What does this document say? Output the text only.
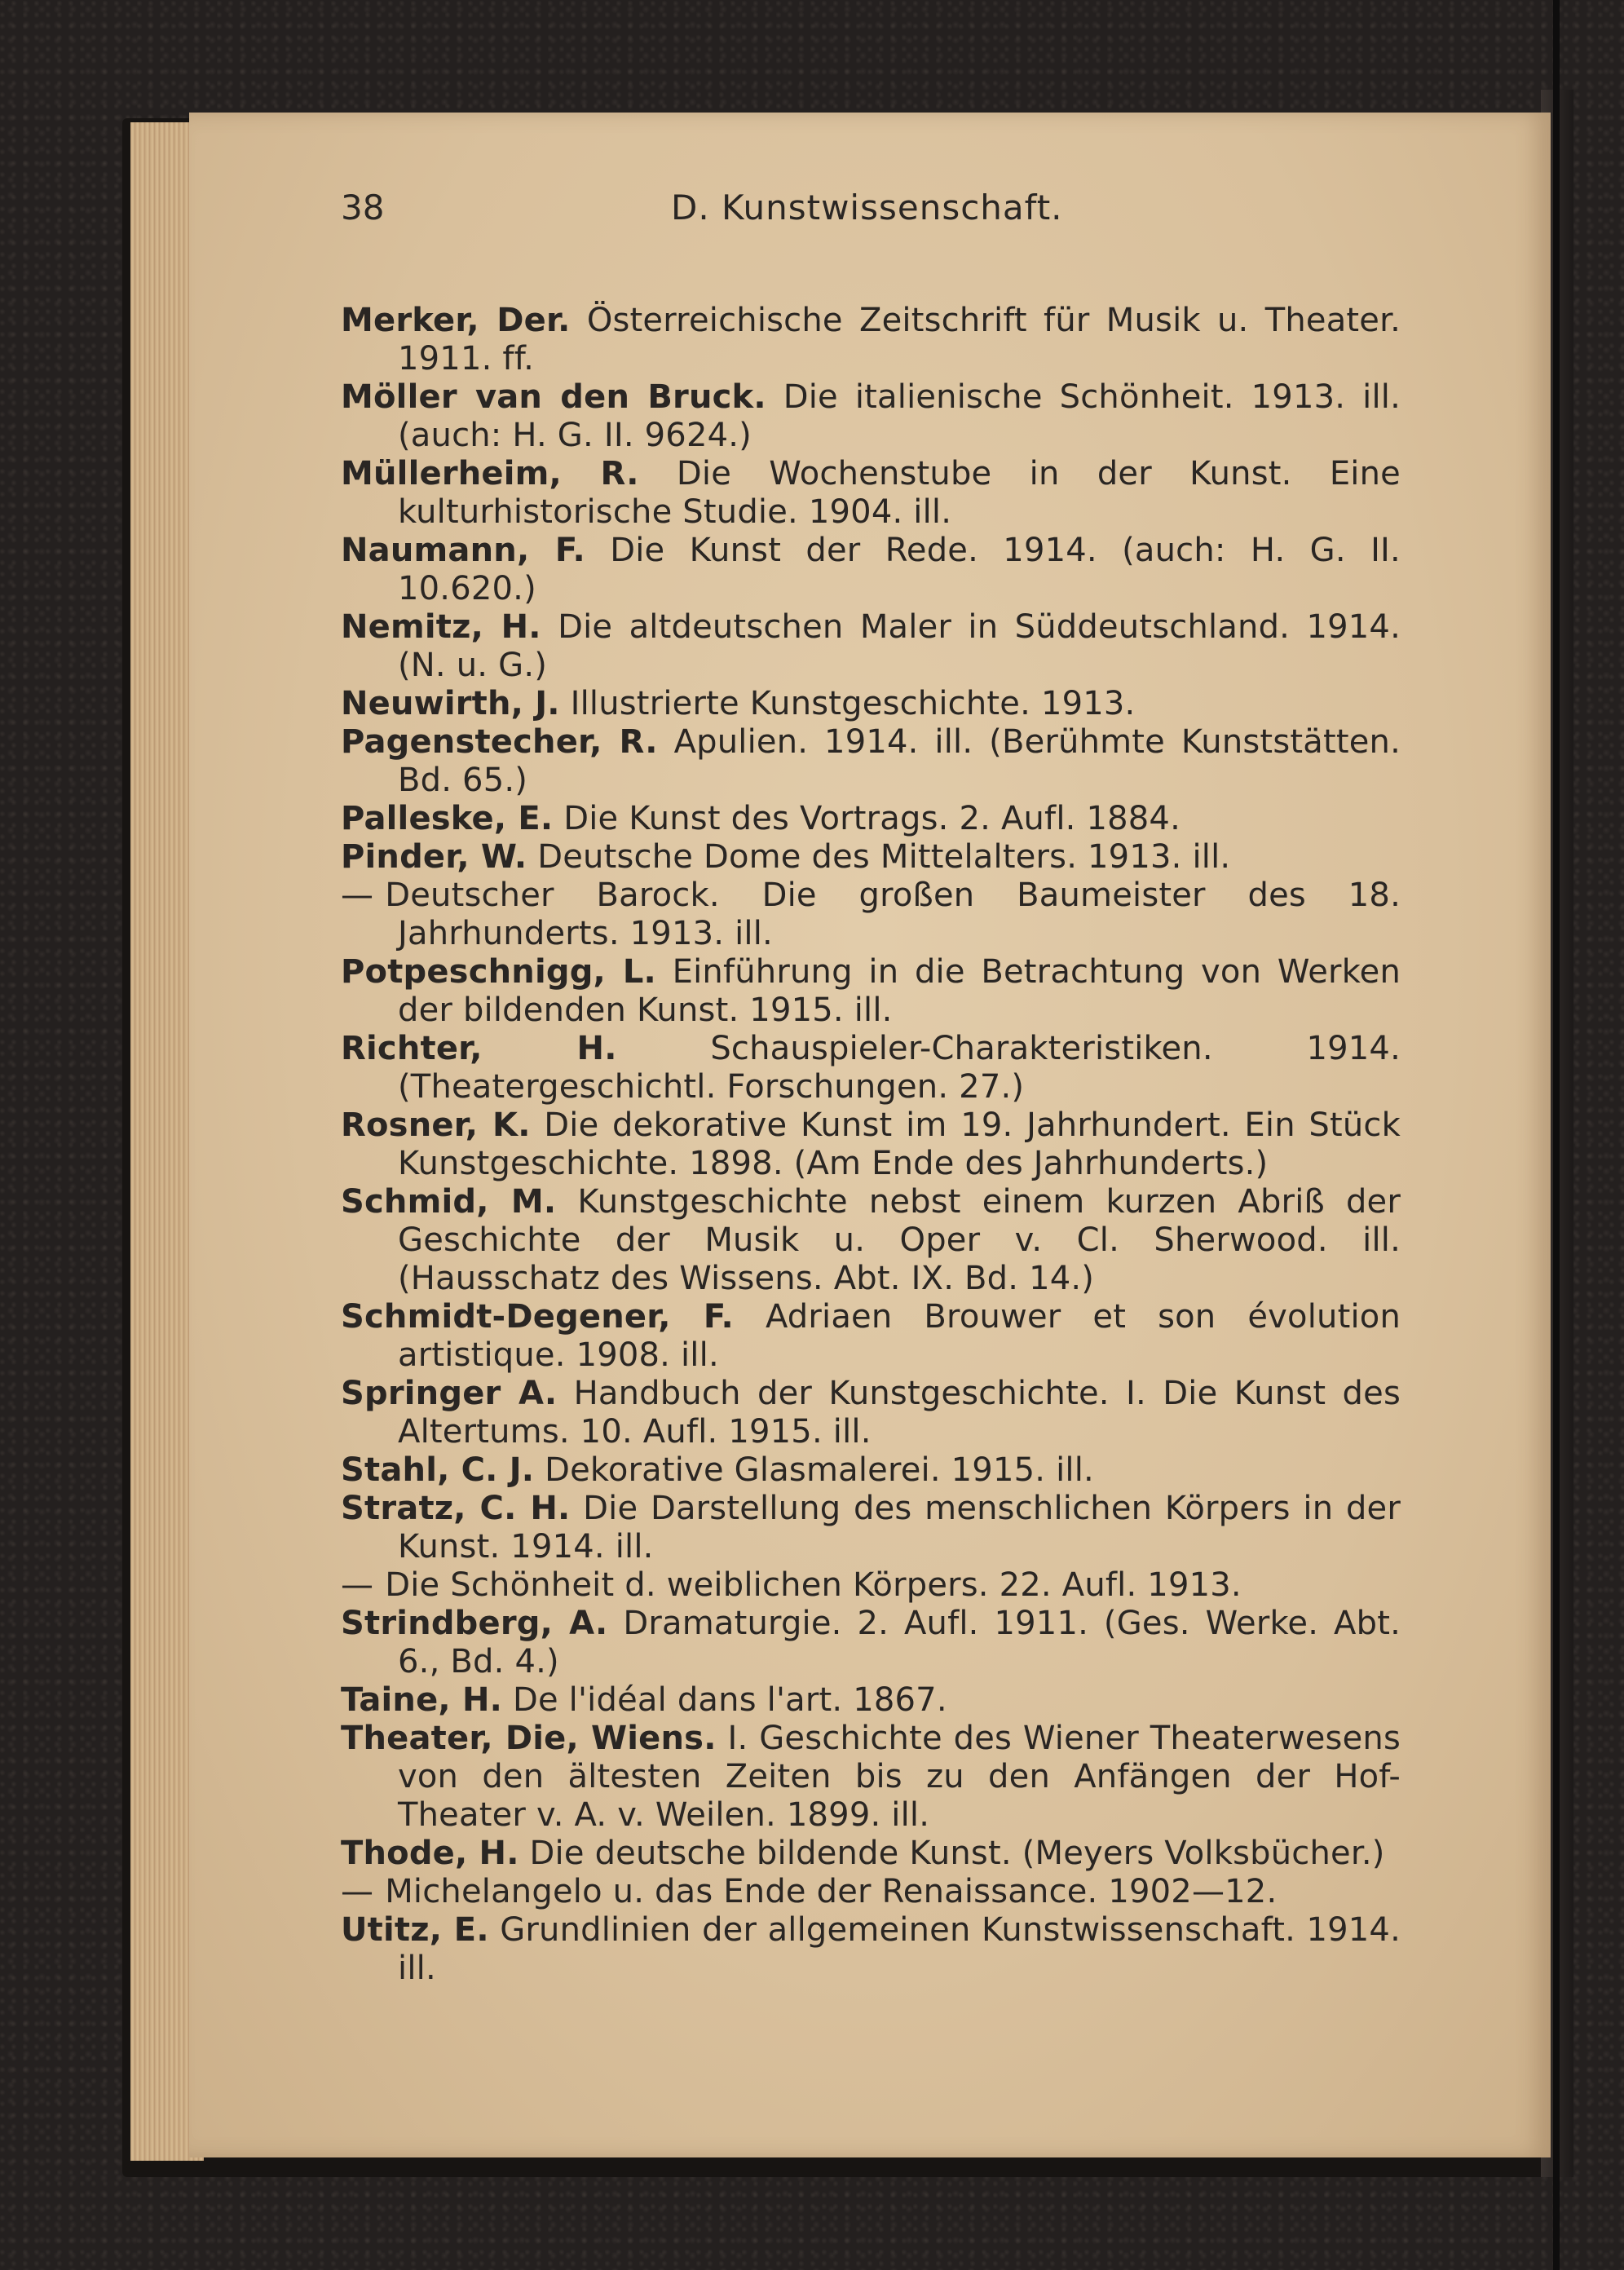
38	D. Kunstwissenschaft.

Merker, Der. Österreichische Zeitschrift für Musik u. Theater. 1911. ff.

Möller van den Bruck. Die italienische Schönheit. 1913. ill. (auch: H. G. II. 9624.)

Müllerheim, R. Die Wochenstube in der Kunst. Eine kulturhistorische Studie. 1904. ill.

Naumann, F. Die Kunst der Rede. 1914. (auch: H. G. II. 10.620.)

Nemitz, H. Die altdeutschen Maler in Süddeutschland. 1914. (N. u. G.)

Neuwirth, J. Illustrierte Kunstgeschichte. 1913.

Pagenstecher, R. Apulien. 1914. ill. (Berühmte Kunststätten. Bd. 65.)

Palleske, E. Die Kunst des Vortrags. 2. Aufl. 1884.

Pinder, W. Deutsche Dome des Mittelalters. 1913. ill.

— Deutscher Barock. Die großen Baumeister des 18. Jahrhunderts. 1913. ill.

Potpeschnigg, L. Einführung in die Betrachtung von Werken der bildenden Kunst. 1915. ill.

Richter, H.	Schauspieler-Charakteristiken. 1914. (Theatergeschichtl. Forschungen. 27.)

Rosner, K. Die dekorative Kunst im 19. Jahrhundert. Ein Stück Kunstgeschichte. 1898. (Am Ende des Jahrhunderts.)

Schmid, M. Kunstgeschichte nebst einem kurzen Abriß der Geschichte der Musik u. Oper v. Cl. Sherwood. ill. (Hausschatz des Wissens. Abt. IX. Bd. 14.)

Schmidt-Degener, F. Adriaen Brouwer et son évolution artistique. 1908. ill.

Springer A. Handbuch der Kunstgeschichte. I. Die Kunst des Altertums. 10. Aufl. 1915. ill.

Stahl, C. J. Dekorative Glasmalerei. 1915. ill.

Stratz, C. H. Die Darstellung des menschlichen Körpers in der Kunst. 1914. ill.

— Die Schönheit d. weiblichen Körpers. 22. Aufl. 1913.

Strindberg, A. Dramaturgie. 2. Aufl. 1911. (Ges. Werke. Abt. 6., Bd. 4.)

Taine, H. De l'idéal dans l'art. 1867.

Theater, Die, Wiens. I. Geschichte des Wiener Theaterwesens von den ältesten Zeiten bis zu den Anfängen der Hof-Theater v. A. v. Weilen. 1899. ill.

Thode, H. Die deutsche bildende Kunst. (Meyers Volksbücher.)

— Michelangelo u. das Ende der Renaissance. 1902—12.

Utitz, E. Grundlinien der allgemeinen Kunstwissenschaft. 1914. ill.
